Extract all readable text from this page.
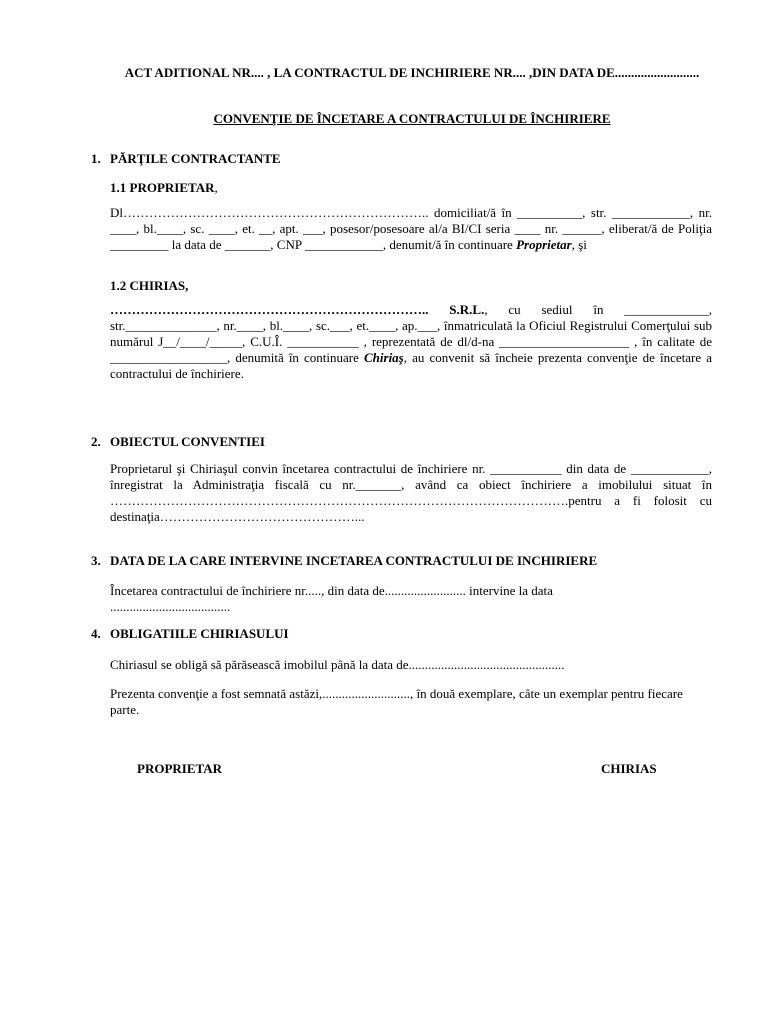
ACT ADITIONAL NR.... , LA CONTRACTUL DE INCHIRIERE NR.... ,DIN DATA DE..........................
CONVENŢIE DE ÎNCETARE A CONTRACTULUI DE ÎNCHIRIERE
1. PĂRŢILE CONTRACTANTE
1.1 PROPRIETAR,
Dl…………………………………………………………….. domiciliat/ă în __________, str. ____________, nr. ____, bl.____, sc. ____, et. __, apt. ___, posesor/posesoare al/a BI/CI seria ____ nr. ______, eliberat/ă de Poliţia _________ la data de _______, CNP ____________, denumit/ă în continuare Proprietar, şi
1.2 CHIRIAS,
……………………………………………………………….. S.R.L., cu sediul în _____________, str.______________, nr.____, bl.____, sc.___, et.____, ap.___, înmatriculată la Oficiul Registrului Comerţului sub numărul J__/____/_____, C.U.Î. ___________ , reprezentată de dl/d-na ____________________ , în calitate de __________________, denumită în continuare Chiriaş, au convenit să încheie prezenta convenţie de încetare a contractului de închiriere.
2. OBIECTUL CONVENTIEI
Proprietarul şi Chiriaşul convin încetarea contractului de închiriere nr. ___________ din data de ____________, înregistrat la Administraţia fiscală cu nr._______, având ca obiect închiriere a imobilului situat în …………………………………………………………………………………………….pentru a fi folosit cu destinaţia………………………………………...
3. DATA DE LA CARE INTERVINE INCETAREA CONTRACTULUI DE INCHIRIERE
Încetarea contractului de închiriere nr....., din data de......................... intervine la data .....................................
4. OBLIGATIILE CHIRIASULUI
Chiriasul se obligă să părăsească imobilul până la data de................................................
Prezenta convenţie a fost semnată astăzi,..........................., în două exemplare, câte un exemplar pentru fiecare parte.
PROPRIETAR	CHIRIAS
